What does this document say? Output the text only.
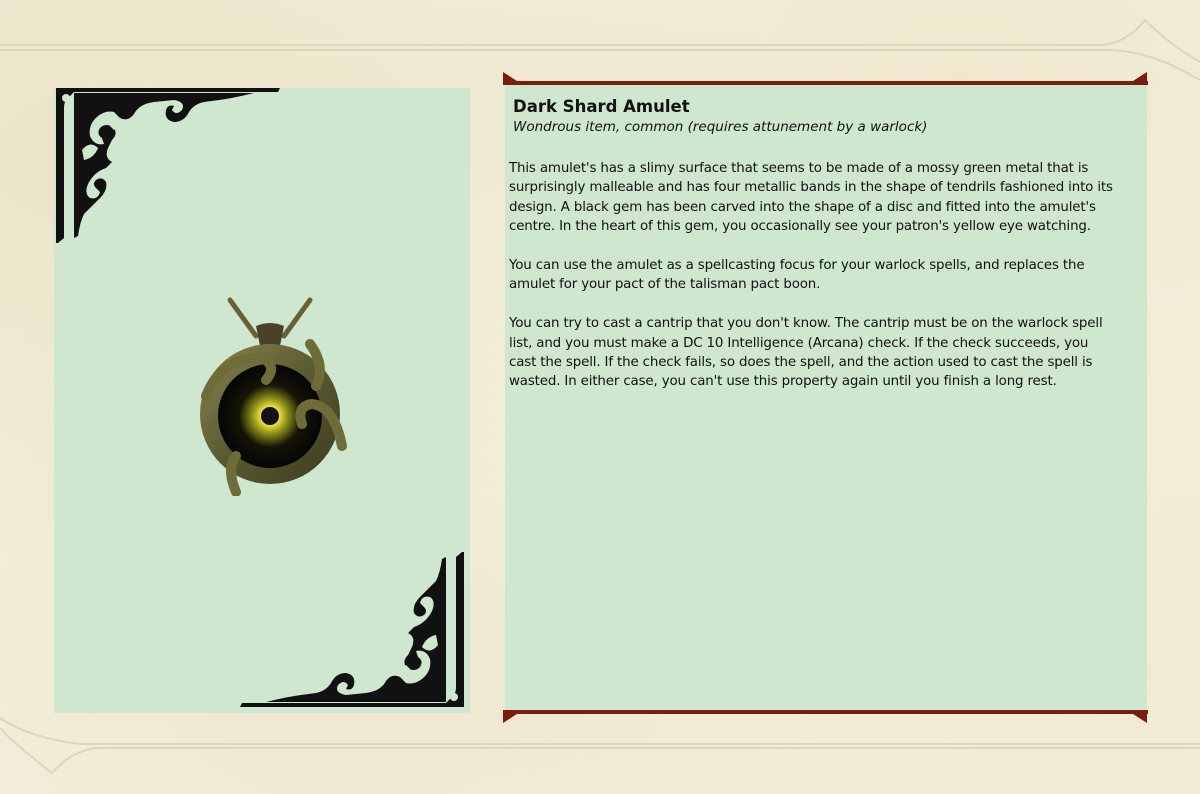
Dark Shard Amulet
Wondrous item, common (requires attunement by a warlock)

This amulet's has a slimy surface that seems to be made of a mossy green metal that is surprisingly malleable and has four metallic bands in the shape of tendrils fashioned into its design. A black gem has been carved into the shape of a disc and fitted into the amulet's centre. In the heart of this gem, you occasionally see your patron's yellow eye watching.

You can use the amulet as a spellcasting focus for your warlock spells, and replaces the amulet for your pact of the talisman pact boon.

You can try to cast a cantrip that you don't know. The cantrip must be on the warlock spell list, and you must make a DC 10 Intelligence (Arcana) check. If the check succeeds, you cast the spell. If the check fails, so does the spell, and the action used to cast the spell is wasted. In either case, you can't use this property again until you finish a long rest.
